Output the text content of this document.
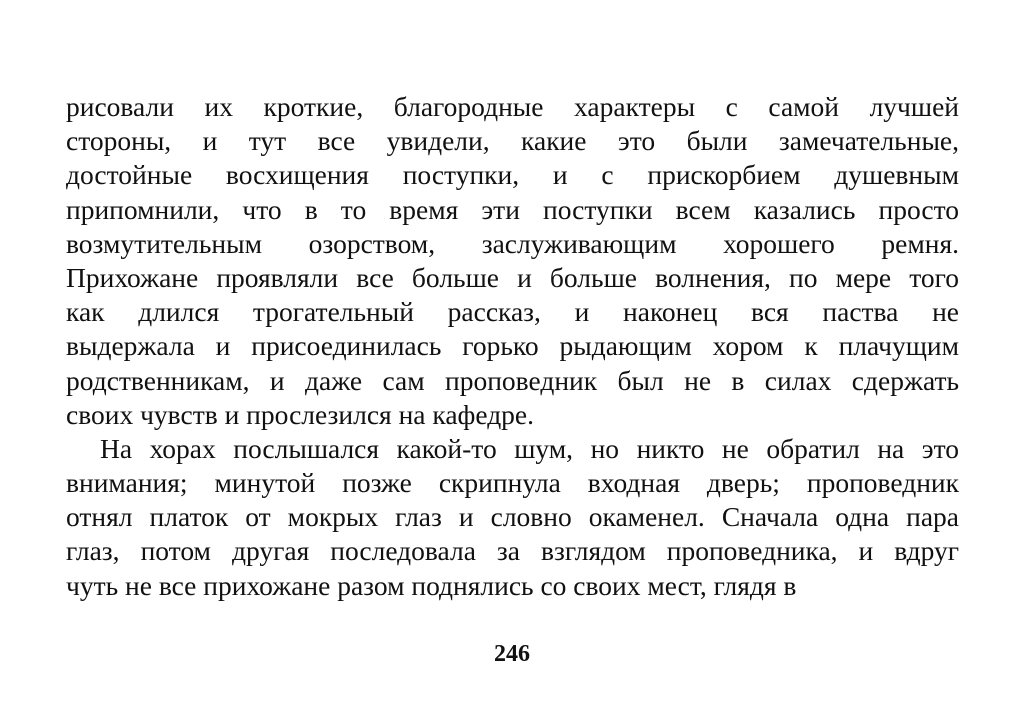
рисовали их кроткие, благородные характеры с самой лучшей
стороны, и тут все увидели, какие это были замечательные,
достойные восхищения поступки, и с прискорбием душевным
припомнили, что в то время эти поступки всем казались просто
возмутительным озорством, заслуживающим хорошего ремня.
Прихожане проявляли все больше и больше волнения, по мере того
как длился трогательный рассказ, и наконец вся паства не
выдержала и присоединилась горько рыдающим хором к плачущим
родственникам, и даже сам проповедник был не в силах сдержать
своих чувств и прослезился на кафедре.
На хорах послышался какой-то шум, но никто не обратил на это
внимания; минутой позже скрипнула входная дверь; проповедник
отнял платок от мокрых глаз и словно окаменел. Сначала одна пара
глаз, потом другая последовала за взглядом проповедника, и вдруг
чуть не все прихожане разом поднялись со своих мест, глядя в
246
